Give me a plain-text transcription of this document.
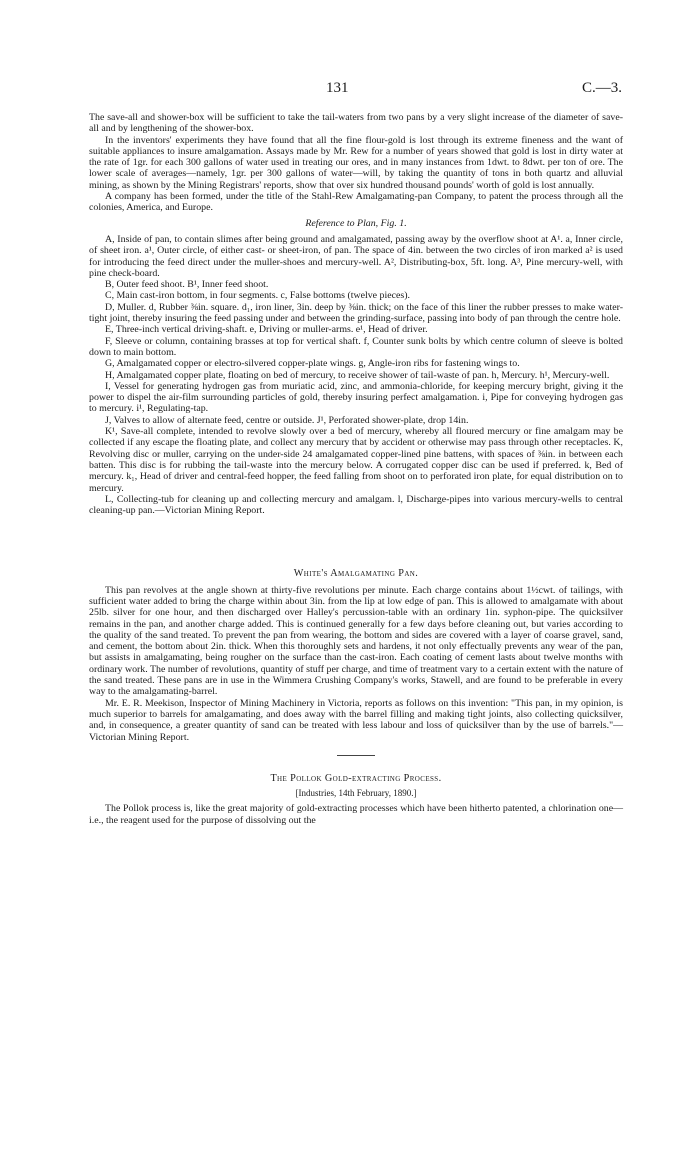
131	C.—3.

The save-all and shower-box will be sufficient to take the tail-waters from two pans by a very slight increase of the diameter of save-all and by lengthening of the shower-box.

In the inventors' experiments they have found that all the fine flour-gold is lost through its extreme fineness and the want of suitable appliances to insure amalgamation. Assays made by Mr. Rew for a number of years showed that gold is lost in dirty water at the rate of 1gr. for each 300 gallons of water used in treating our ores, and in many instances from 1dwt. to 8dwt. per ton of ore. The lower scale of averages—namely, 1gr. per 300 gallons of water—will, by taking the quantity of tons in both quartz and alluvial mining, as shown by the Mining Registrars' reports, show that over six hundred thousand pounds' worth of gold is lost annually.

A company has been formed, under the title of the Stahl-Rew Amalgamating-pan Company, to patent the process through all the colonies, America, and Europe.

Reference to Plan, Fig. 1.

A, Inside of pan, to contain slimes after being ground and amalgamated, passing away by the overflow shoot at A¹. a, Inner circle, of sheet iron. a¹, Outer circle, of either cast- or sheet-iron, of pan. The space of 4in. between the two circles of iron marked a² is used for introducing the feed direct under the muller-shoes and mercury-well. A², Distributing-box, 5ft. long. A³, Pine mercury-well, with pine check-board.

B, Outer feed shoot. B¹, Inner feed shoot.

C, Main cast-iron bottom, in four segments. c, False bottoms (twelve pieces).

D, Muller. d, Rubber ⅜in. square. d₁, iron liner, 3in. deep by ⅜in. thick; on the face of this liner the rubber presses to make water-tight joint, thereby insuring the feed passing under and between the grinding-surface, passing into body of pan through the centre hole.

E, Three-inch vertical driving-shaft. e, Driving or muller-arms. e¹, Head of driver.

F, Sleeve or column, containing brasses at top for vertical shaft. f, Counter sunk bolts by which centre column of sleeve is bolted down to main bottom.

G, Amalgamated copper or electro-silvered copper-plate wings. g, Angle-iron ribs for fastening wings to.

H, Amalgamated copper plate, floating on bed of mercury, to receive shower of tail-waste of pan. h, Mercury. h¹, Mercury-well.

I, Vessel for generating hydrogen gas from muriatic acid, zinc, and ammonia-chloride, for keeping mercury bright, giving it the power to dispel the air-film surrounding particles of gold, thereby insuring perfect amalgamation. i, Pipe for conveying hydrogen gas to mercury. i¹, Regulating-tap.

J, Valves to allow of alternate feed, centre or outside. J¹, Perforated shower-plate, drop 14in.

K¹, Save-all complete, intended to revolve slowly over a bed of mercury, whereby all floured mercury or fine amalgam may be collected if any escape the floating plate, and collect any mercury that by accident or otherwise may pass through other receptacles. K, Revolving disc or muller, carrying on the under-side 24 amalgamated copper-lined pine battens, with spaces of ⅜in. in between each batten. This disc is for rubbing the tail-waste into the mercury below. A corrugated copper disc can be used if preferred. k, Bed of mercury. k₁, Head of driver and central-feed hopper, the feed falling from shoot on to perforated iron plate, for equal distribution on to mercury.

L, Collecting-tub for cleaning up and collecting mercury and amalgam. l, Discharge-pipes into various mercury-wells to central cleaning-up pan.—Victorian Mining Report.

White's Amalgamating Pan.

This pan revolves at the angle shown at thirty-five revolutions per minute. Each charge contains about 1½cwt. of tailings, with sufficient water added to bring the charge within about 3in. from the lip at low edge of pan. This is allowed to amalgamate with about 25lb. silver for one hour, and then discharged over Halley's percussion-table with an ordinary 1in. syphon-pipe. The quicksilver remains in the pan, and another charge added. This is continued generally for a few days before cleaning out, but varies according to the quality of the sand treated. To prevent the pan from wearing, the bottom and sides are covered with a layer of coarse gravel, sand, and cement, the bottom about 2in. thick. When this thoroughly sets and hardens, it not only effectually prevents any wear of the pan, but assists in amalgamating, being rougher on the surface than the cast-iron. Each coating of cement lasts about twelve months with ordinary work. The number of revolutions, quantity of stuff per charge, and time of treatment vary to a certain extent with the nature of the sand treated. These pans are in use in the Wimmera Crushing Company's works, Stawell, and are found to be preferable in every way to the amalgamating-barrel.

Mr. E. R. Meekison, Inspector of Mining Machinery in Victoria, reports as follows on this invention: "This pan, in my opinion, is much superior to barrels for amalgamating, and does away with the barrel filling and making tight joints, also collecting quicksilver, and, in consequence, a greater quantity of sand can be treated with less labour and loss of quicksilver than by the use of barrels."—Victorian Mining Report.

The Pollok Gold-extracting Process.
[Industries, 14th February, 1890.]

The Pollok process is, like the great majority of gold-extracting processes which have been hitherto patented, a chlorination one—i.e., the reagent used for the purpose of dissolving out the
